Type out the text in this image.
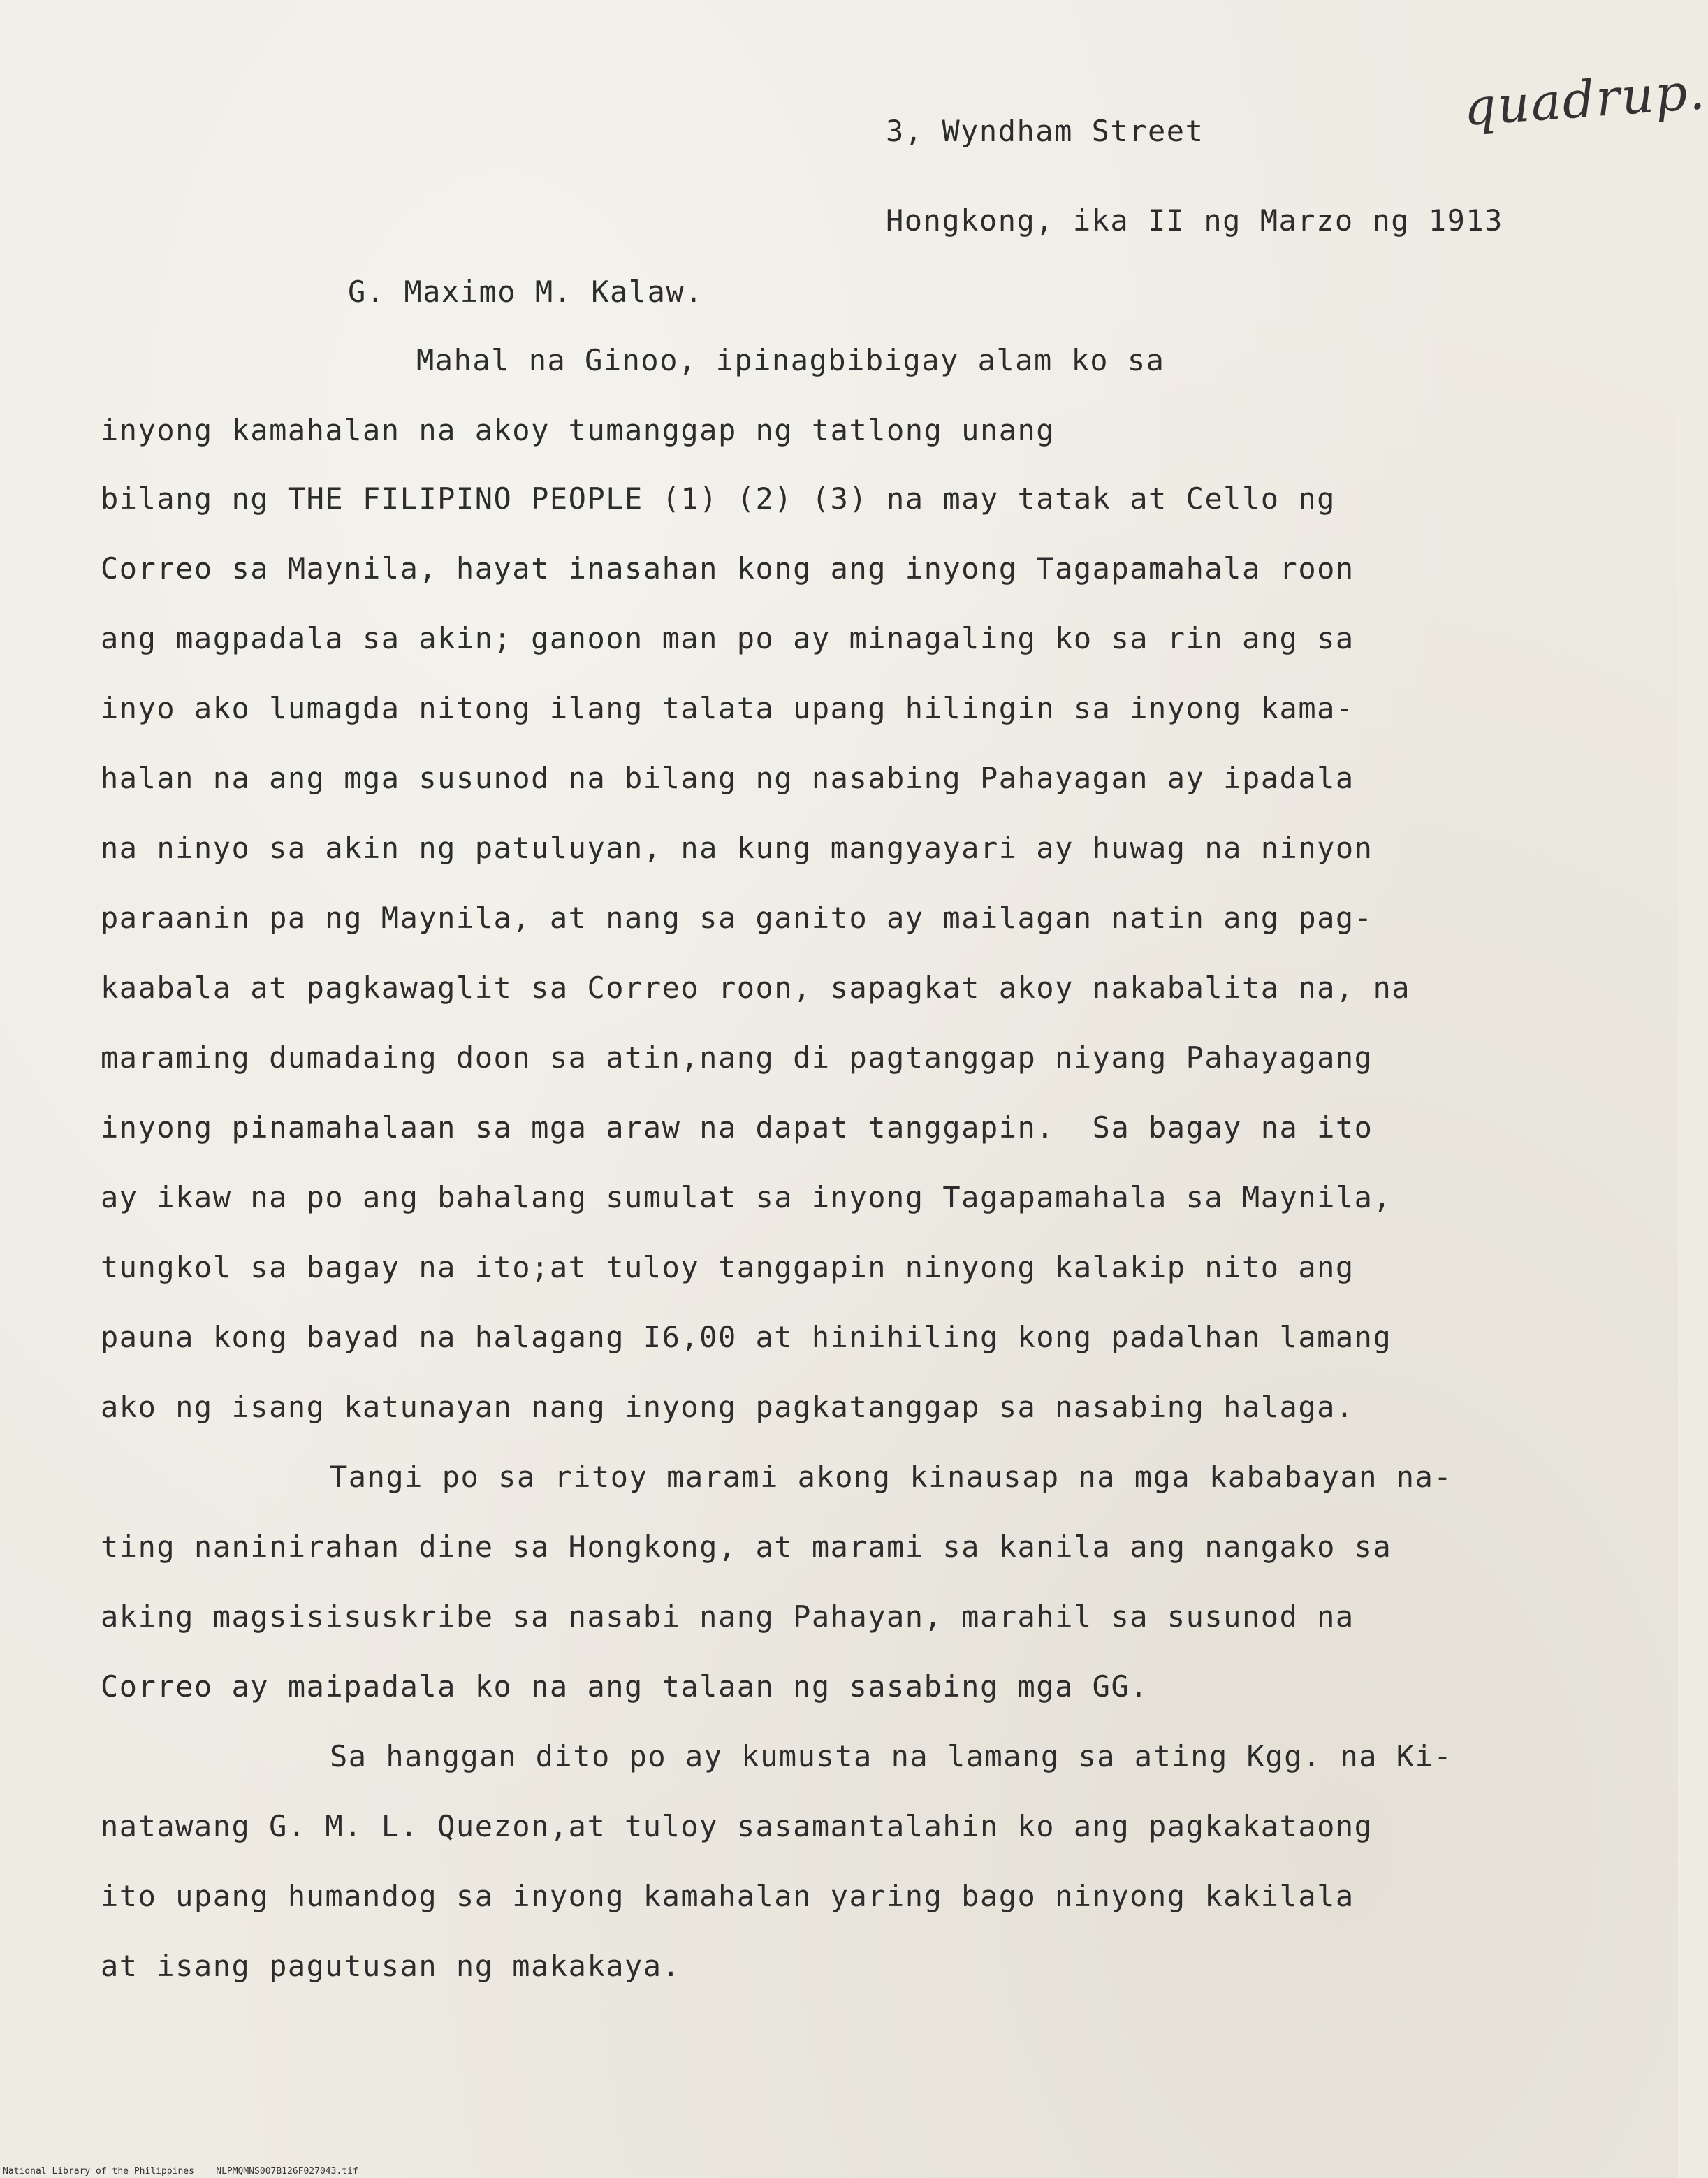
quadrup.
3, Wyndham Street
Hongkong, ika II ng Marzo ng 1913
G. Maximo M. Kalaw.
Mahal na Ginoo, ipinagbibigay alam ko sa
inyong kamahalan na akoy tumanggap ng tatlong unang
bilang ng THE FILIPINO PEOPLE (1) (2) (3) na may tatak at Cello ng
Correo sa Maynila, hayat inasahan kong ang inyong Tagapamahala roon
ang magpadala sa akin; ganoon man po ay minagaling ko sa rin ang sa
inyo ako lumagda nitong ilang talata upang hilingin sa inyong kama-
halan na ang mga susunod na bilang ng nasabing Pahayagan ay ipadala
na ninyo sa akin ng patuluyan, na kung mangyayari ay huwag na ninyon
paraanin pa ng Maynila, at nang sa ganito ay mailagan natin ang pag-
kaabala at pagkawaglit sa Correo roon, sapagkat akoy nakabalita na, na
maraming dumadaing doon sa atin,nang di pagtanggap niyang Pahayagang
inyong pinamahalaan sa mga araw na dapat tanggapin.  Sa bagay na ito
ay ikaw na po ang bahalang sumulat sa inyong Tagapamahala sa Maynila,
tungkol sa bagay na ito;at tuloy tanggapin ninyong kalakip nito ang
pauna kong bayad na halagang I6,00 at hinihiling kong padalhan lamang
ako ng isang katunayan nang inyong pagkatanggap sa nasabing halaga.
Tangi po sa ritoy marami akong kinausap na mga kababayan na-
ting naninirahan dine sa Hongkong, at marami sa kanila ang nangako sa
aking magsisisuskribe sa nasabi nang Pahayan, marahil sa susunod na
Correo ay maipadala ko na ang talaan ng sasabing mga GG.
Sa hanggan dito po ay kumusta na lamang sa ating Kgg. na Ki-
natawang G. M. L. Quezon,at tuloy sasamantalahin ko ang pagkakataong
ito upang humandog sa inyong kamahalan yaring bago ninyong kakilala
at isang pagutusan ng makakaya.
National Library of the Philippines NLPMQMNS007B126F027043.tif
